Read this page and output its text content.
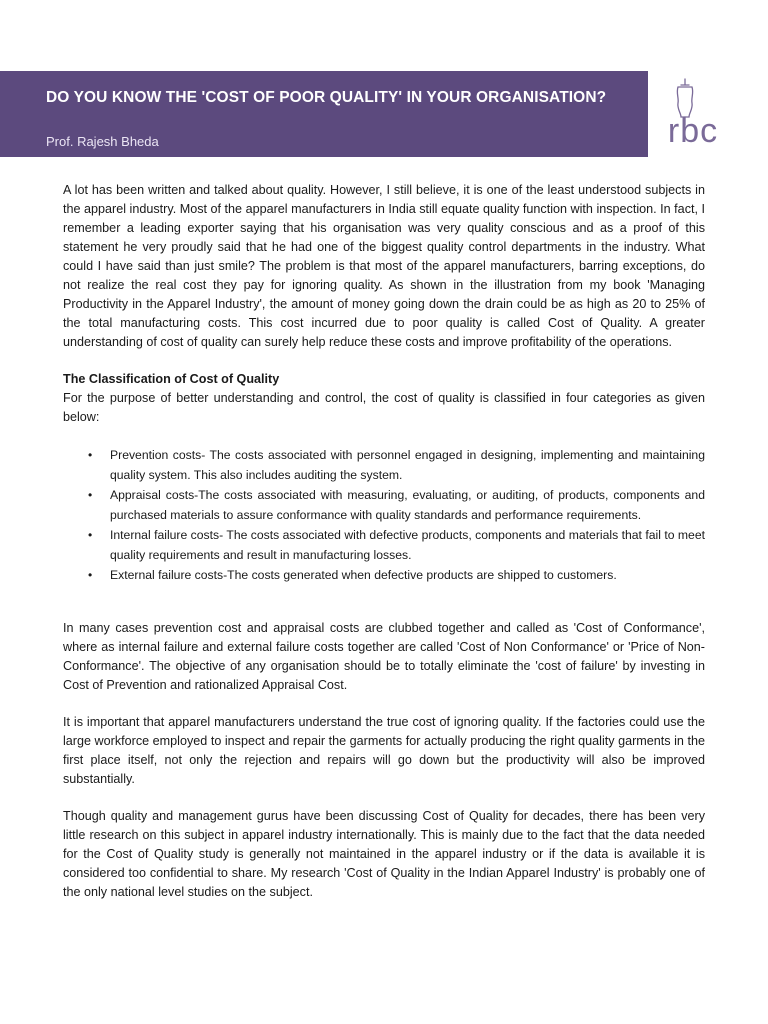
DO YOU KNOW THE 'COST OF POOR QUALITY' IN YOUR ORGANISATION?
Prof. Rajesh Bheda	rbc

A lot has been written and talked about quality. However, I still believe, it is one of the least understood subjects in the apparel industry. Most of the apparel manufacturers in India still equate quality function with inspection. In fact, I remember a leading exporter saying that his organisation was very quality conscious and as a proof of this statement he very proudly said that he had one of the biggest quality control departments in the industry. What could I have said than just smile? The problem is that most of the apparel manufacturers, barring exceptions, do not realize the real cost they pay for ignoring quality. As shown in the illustration from my book 'Managing Productivity in the Apparel Industry', the amount of money going down the drain could be as high as 20 to 25% of the total manufacturing costs. This cost incurred due to poor quality is called Cost of Quality. A greater understanding of cost of quality can surely help reduce these costs and improve profitability of the operations.

The Classification of Cost of Quality

For the purpose of better understanding and control, the cost of quality is classified in four categories as given below:

• Prevention costs- The costs associated with personnel engaged in designing, implementing and maintaining quality system. This also includes auditing the system.
• Appraisal costs-The costs associated with measuring, evaluating, or auditing, of products, components and purchased materials to assure conformance with quality standards and performance requirements.
• Internal failure costs- The costs associated with defective products, components and materials that fail to meet quality requirements and result in manufacturing losses.
• External failure costs-The costs generated when defective products are shipped to customers.

In many cases prevention cost and appraisal costs are clubbed together and called as 'Cost of Conformance', where as internal failure and external failure costs together are called 'Cost of Non Conformance' or 'Price of Non- Conformance'. The objective of any organisation should be to totally eliminate the 'cost of failure' by investing in Cost of Prevention and rationalized Appraisal Cost.

It is important that apparel manufacturers understand the true cost of ignoring quality. If the factories could use the large workforce employed to inspect and repair the garments for actually producing the right quality garments in the first place itself, not only the rejection and repairs will go down but the productivity will also be improved substantially.

Though quality and management gurus have been discussing Cost of Quality for decades, there has been very little research on this subject in apparel industry internationally. This is mainly due to the fact that the data needed for the Cost of Quality study is generally not maintained in the apparel industry or if the data is available it is considered too confidential to share. My research 'Cost of Quality in the Indian Apparel Industry' is probably one of the only national level studies on the subject.
